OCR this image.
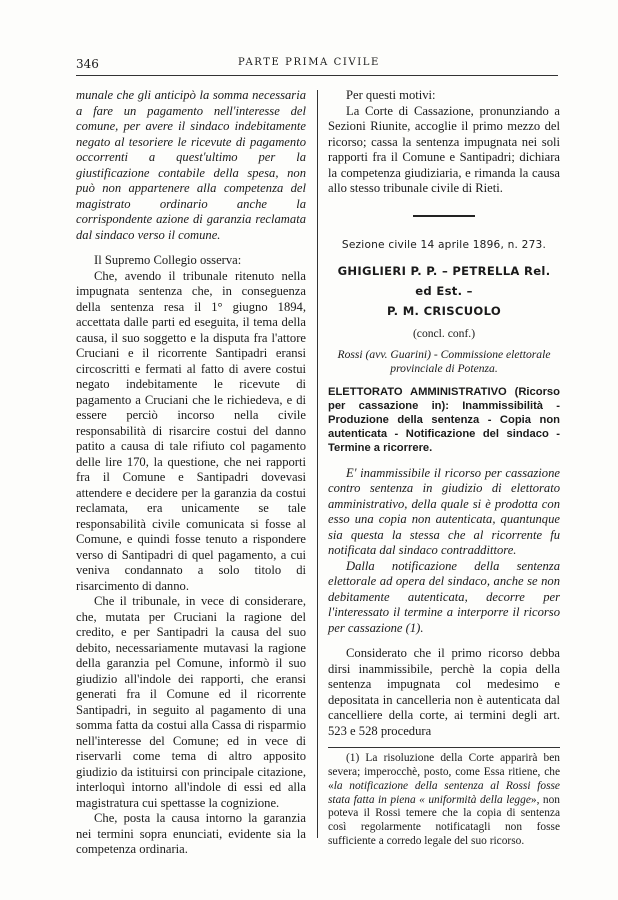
346	PARTE PRIMA CIVILE

munale che gli anticipò la somma necessaria a fare un pagamento nell'interesse del comune, per avere il sindaco indebitamente negato al tesoriere le ricevute di pagamento occorrenti a quest'ultimo per la giustificazione contabile della spesa, non può non appartenere alla competenza del magistrato ordinario anche la corrispondente azione di garanzia reclamata dal sindaco verso il comune.

Il Supremo Collegio osserva:

Che, avendo il tribunale ritenuto nella impugnata sentenza che, in conseguenza della sentenza resa il 1° giugno 1894, accettata dalle parti ed eseguita, il tema della causa, il suo soggetto e la disputa fra l'attore Cruciani e il ricorrente Santipadri eransi circoscritti e fermati al fatto di avere costui negato indebitamente le ricevute di pagamento a Cruciani che le richiedeva, e di essere perciò incorso nella civile responsabilità di risarcire costui del danno patito a causa di tale rifiuto col pagamento delle lire 170, la questione, che nei rapporti fra il Comune e Santipadri dovevasi attendere e decidere per la garanzia da costui reclamata, era unicamente se tale responsabilità civile comunicata si fosse al Comune, e quindi fosse tenuto a rispondere verso di Santipadri di quel pagamento, a cui veniva condannato a solo titolo di risarcimento di danno.

Che il tribunale, in vece di considerare, che, mutata per Cruciani la ragione del credito, e per Santipadri la causa del suo debito, necessariamente mutavasi la ragione della garanzia pel Comune, informò il suo giudizio all'indole dei rapporti, che eransi generati fra il Comune ed il ricorrente Santipadri, in seguito al pagamento di una somma fatta da costui alla Cassa di risparmio nell'interesse del Comune; ed in vece di riservarli come tema di altro apposito giudizio da istituirsi con principale citazione, interloquì intorno all'indole di essi ed alla magistratura cui spettasse la cognizione.

Che, posta la causa intorno la garanzia nei termini sopra enunciati, evidente sia la competenza ordinaria.

Per questi motivi:

La Corte di Cassazione, pronunziando a Sezioni Riunite, accoglie il primo mezzo del ricorso; cassa la sentenza impugnata nei soli rapporti fra il Comune e Santipadri; dichiara la competenza giudiziaria, e rimanda la causa allo stesso tribunale civile di Rieti.

Sezione civile 14 aprile 1896, n. 273.

GHIGLIERI P. P. – PETRELLA Rel. ed Est. –
P. M. CRISCUOLO

(concl. conf.)

Rossi (avv. Guarini) - Commissione elettorale provinciale di Potenza.

ELETTORATO AMMINISTRATIVO (Ricorso per cassazione in): Inammissibilità - Produzione della sentenza - Copia non autenticata - Notificazione del sindaco - Termine a ricorrere.

E' inammissibile il ricorso per cassazione contro sentenza in giudizio di elettorato amministrativo, della quale si è prodotta con esso una copia non autenticata, quantunque sia questa la stessa che al ricorrente fu notificata dal sindaco contraddittore.

Dalla notificazione della sentenza elettorale ad opera del sindaco, anche se non debitamente autenticata, decorre per l'interessato il termine a interporre il ricorso per cassazione (1).

Considerato che il primo ricorso debba dirsi inammissibile, perchè la copia della sentenza impugnata col medesimo e depositata in cancelleria non è autenticata dal cancelliere della corte, ai termini degli art. 523 e 528 procedura

(1) La risoluzione della Corte apparirà ben severa; imperocchè, posto, come Essa ritiene, che «la notificazione della sentenza al Rossi fosse stata fatta in piena « uniformità della legge», non poteva il Rossi temere che la copia di sentenza così regolarmente notificatagli non fosse sufficiente a corredo legale del suo ricorso.
